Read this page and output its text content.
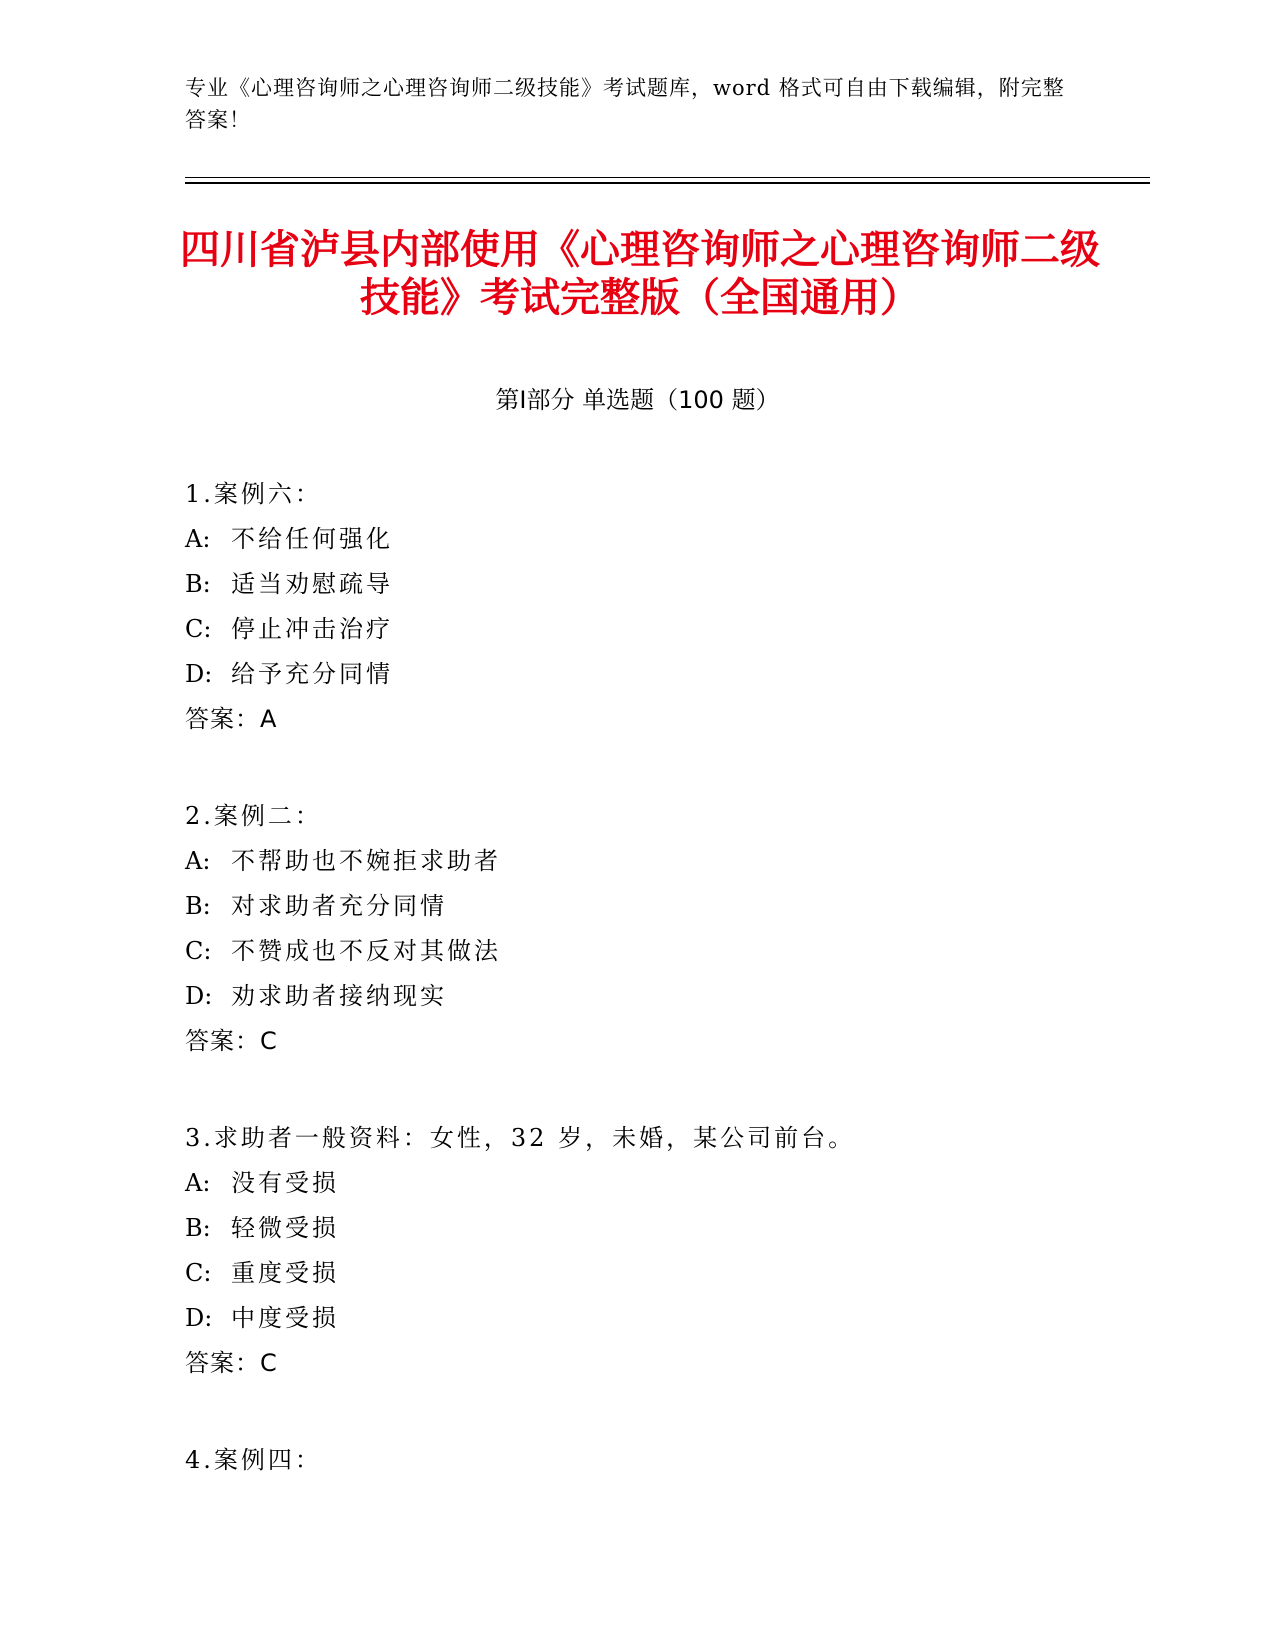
专业《心理咨询师之心理咨询师二级技能》考试题库，word 格式可自由下载编辑，附完整答案！
四川省泸县内部使用《心理咨询师之心理咨询师二级技能》考试完整版（全国通用）
第Ⅰ部分 单选题（100 题）
1.案例六：
A: 不给任何强化
B: 适当劝慰疏导
C: 停止冲击治疗
D: 给予充分同情
答案：A
2.案例二：
A: 不帮助也不婉拒求助者
B: 对求助者充分同情
C: 不赞成也不反对其做法
D: 劝求助者接纳现实
答案：C
3.求助者一般资料：女性，32 岁，未婚，某公司前台。
A: 没有受损
B: 轻微受损
C: 重度受损
D: 中度受损
答案：C
4.案例四：
